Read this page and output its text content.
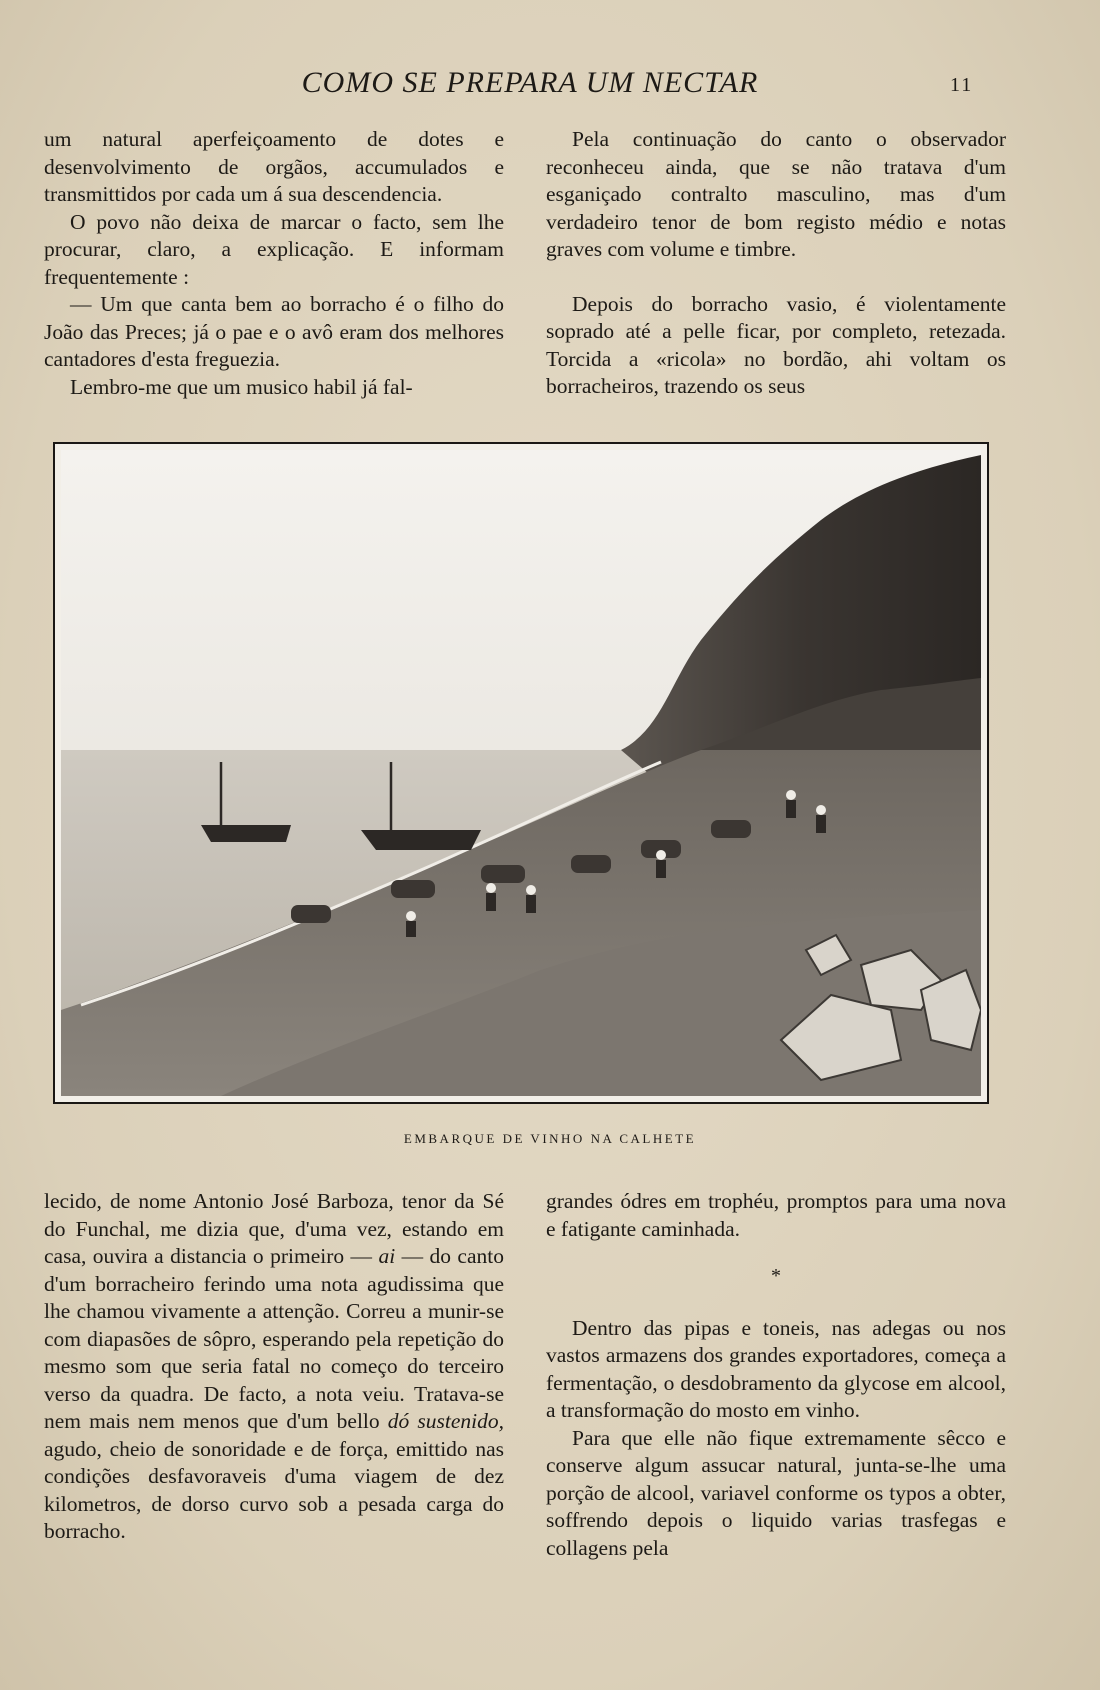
COMO SE PREPARA UM NECTAR	11

um natural aperfeiçoamento de dotes e desenvolvimento de orgãos, accumulados e transmittidos por cada um á sua descendencia.

O povo não deixa de marcar o facto, sem lhe procurar, claro, a explicação. E informam frequentemente :

— Um que canta bem ao borracho é o filho do João das Preces; já o pae e o avô eram dos melhores cantadores d'esta freguezia.

Lembro-me que um musico habil já fal-

Pela continuação do canto o observador reconheceu ainda, que se não tratava d'um esganiçado contralto masculino, mas d'um verdadeiro tenor de bom registo médio e notas graves com volume e timbre.

Depois do borracho vasio, é violentamente soprado até a pelle ficar, por completo, retezada. Torcida a «ricola» no bordão, ahi voltam os borracheiros, trazendo os seus

EMBARQUE DE VINHO NA CALHETE

lecido, de nome Antonio José Barboza, tenor da Sé do Funchal, me dizia que, d'uma vez, estando em casa, ouvira a distancia o primeiro — ai — do canto d'um borracheiro ferindo uma nota agudissima que lhe chamou vivamente a attenção. Correu a munir-se com diapasões de sôpro, esperando pela repetição do mesmo som que seria fatal no começo do terceiro verso da quadra. De facto, a nota veiu. Tratava-se nem mais nem menos que d'um bello dó sustenido, agudo, cheio de sonoridade e de força, emittido nas condições desfavoraveis d'uma viagem de dez kilometros, de dorso curvo sob a pesada carga do borracho.

grandes ódres em trophéu, promptos para uma nova e fatigante caminhada.

*

Dentro das pipas e toneis, nas adegas ou nos vastos armazens dos grandes exportadores, começa a fermentação, o desdobramento da glycose em alcool, a transformação do mosto em vinho.

Para que elle não fique extremamente sêcco e conserve algum assucar natural, junta-se-lhe uma porção de alcool, variavel conforme os typos a obter, soffrendo depois o liquido varias trasfegas e collagens pela
